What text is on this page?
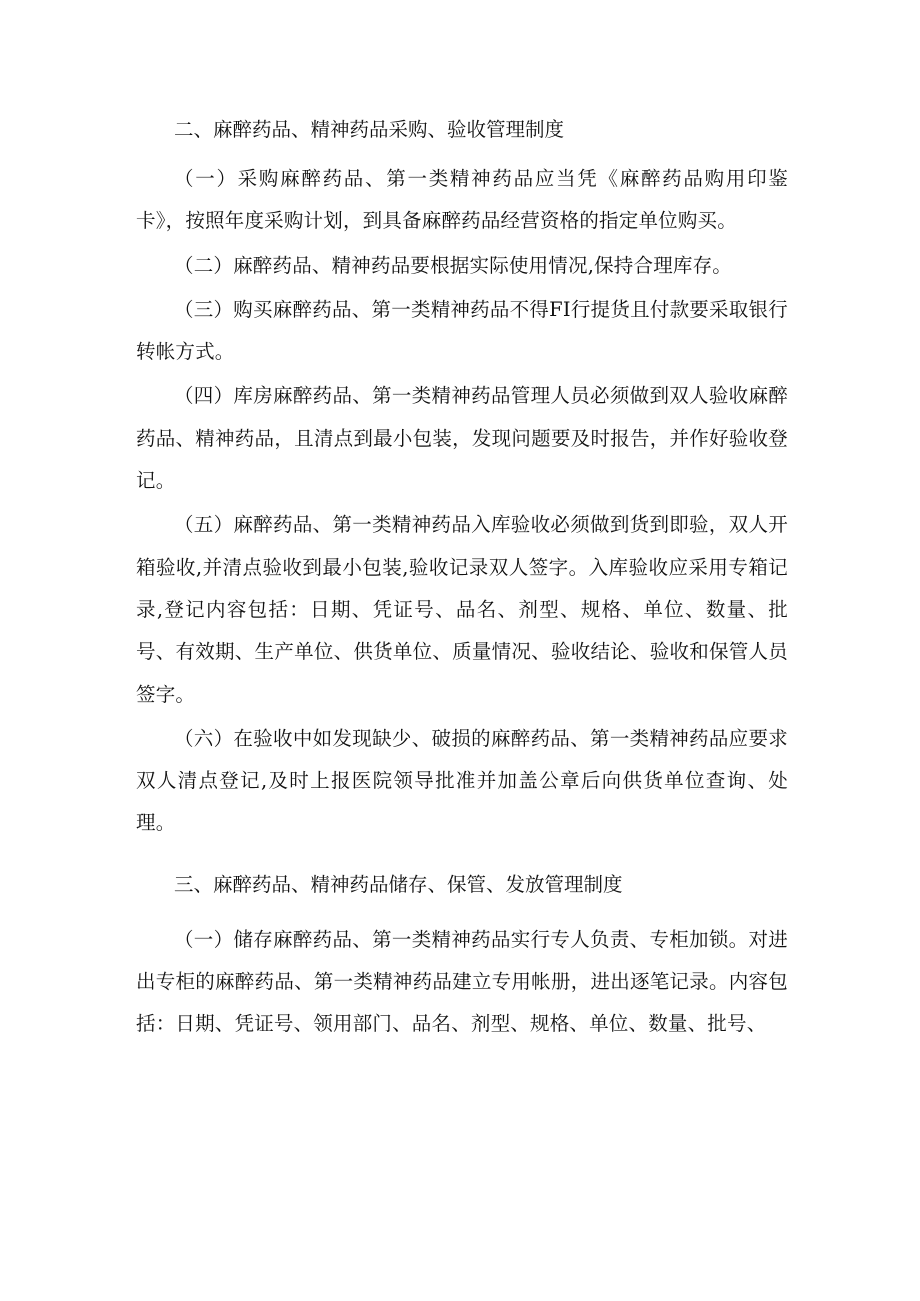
二、麻醉药品、精神药品采购、验收管理制度

（一）采购麻醉药品、第一类精神药品应当凭《麻醉药品购用印鉴卡》，按照年度采购计划，到具备麻醉药品经营资格的指定单位购买。

（二）麻醉药品、精神药品要根据实际使用情况,保持合理库存。

（三）购买麻醉药品、第一类精神药品不得FI行提货且付款要采取银行转帐方式。

（四）库房麻醉药品、第一类精神药品管理人员必须做到双人验收麻醉药品、精神药品，且清点到最小包装，发现问题要及时报告，并作好验收登记。

（五）麻醉药品、第一类精神药品入库验收必须做到货到即验，双人开箱验收,并清点验收到最小包装,验收记录双人签字。入库验收应采用专箱记录,登记内容包括：日期、凭证号、品名、剂型、规格、单位、数量、批号、有效期、生产单位、供货单位、质量情况、验收结论、验收和保管人员签字。

（六）在验收中如发现缺少、破损的麻醉药品、第一类精神药品应要求双人清点登记,及时上报医院领导批准并加盖公章后向供货单位查询、处理。

三、麻醉药品、精神药品储存、保管、发放管理制度

（一）储存麻醉药品、第一类精神药品实行专人负责、专柜加锁。对进出专柜的麻醉药品、第一类精神药品建立专用帐册，进出逐笔记录。内容包括：日期、凭证号、领用部门、品名、剂型、规格、单位、数量、批号、
